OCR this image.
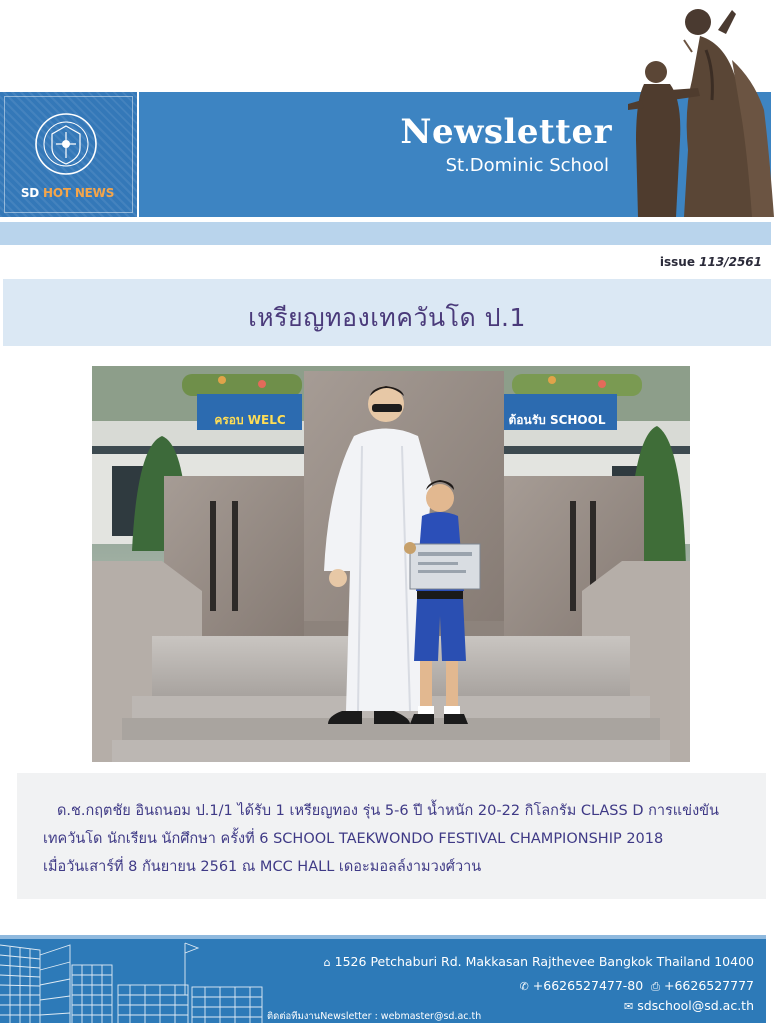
SD HOT NEWS
Newsletter
St.Dominic School
issue 113/2561
เหรียญทองเทควันโด ป.1
ครอบ WELC	ต้อนรับ SCHOOL
ด.ช.กฤตชัย อินถนอม ป.1/1 ได้รับ 1 เหรียญทอง รุ่น 5-6 ปี น้ำหนัก 20-22 กิโลกรัม CLASS D การแข่งขัน
เทควันโด นักเรียน นักศึกษา ครั้งที่ 6 SCHOOL TAEKWONDO FESTIVAL CHAMPIONSHIP 2018
เมื่อวันเสาร์ที่ 8 กันยายน 2561 ณ MCC HALL เดอะมอลล์งามวงศ์วาน
⌂ 1526 Petchaburi Rd. Makkasan Rajthevee Bangkok Thailand 10400
✆ +6626527477-80 ⎙ +6626527777
✉ sdschool@sd.ac.th
ติดต่อทีมงานNewsletter : webmaster@sd.ac.th
